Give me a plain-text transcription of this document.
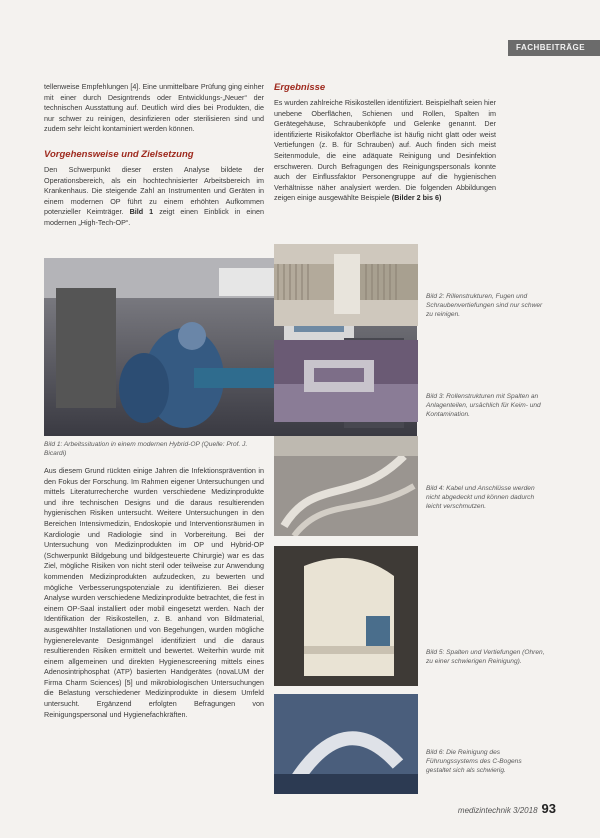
FACHBEITRÄGE

tellenweise Empfehlungen [4]. Eine unmittelbare Prüfung ging einher mit einer durch Designtrends oder Entwicklungs-„Neuer“ der technischen Ausstattung auf. Deutlich wird dies bei Produkten, die nur schwer zu reinigen, desinfizieren oder sterilisieren sind und zudem sehr leicht kontaminiert werden können.

Vorgehensweise und Zielsetzung

Den Schwerpunkt dieser ersten Analyse bildete der Operationsbereich, als ein hochtechnisierter Arbeitsbereich im Krankenhaus. Die steigende Zahl an Instrumenten und Geräten in einem modernen OP führt zu einem erhöhten Aufkommen potenzieller Keimträger. Bild 1 zeigt einen Einblick in einen modernen „High-Tech-OP“.

Bild 1: Arbeitssituation in einem modernen Hybrid-OP (Quelle: Prof. J. Bicardi)

Aus diesem Grund rückten einige Jahren die Infektionsprävention in den Fokus der Forschung. Im Rahmen eigener Untersuchungen und mittels Literaturrecherche wurden verschiedene Medizinprodukte und ihre technischen Designs und die daraus resultierenden hygienischen Risiken untersucht. Weitere Untersuchungen in den Bereichen Intensivmedizin, Endoskopie und Interventionsräumen in Kardiologie und Radiologie sind in Vorbereitung. Bei der Untersuchung von Medizinprodukten im OP und Hybrid-OP (Schwerpunkt Bildgebung und bildgesteuerte Chirurgie) war es das Ziel, mögliche Risiken von nicht steril oder teilweise zur Anwendung kommenden Medizinprodukten aufzudecken, zu bewerten und mögliche Verbesserungspotenziale zu identifizieren. Bei dieser Analyse wurden verschiedene Medizinprodukte betrachtet, die fest in einem OP-Saal installiert oder mobil eingesetzt werden. Nach der Identifikation der Risikostellen, z. B. anhand von Bildmaterial, ausgewählter Installationen und von Begehungen, wurden mögliche hygienerelevante Designmängel identifiziert und die daraus resultierenden Risiken ermittelt und bewertet. Weiterhin wurde mit einem allgemeinen und direkten Hygienescreening mittels eines Adenosintriphosphat (ATP) basierten Handgerätes (novaLUM der Firma Charm Sciences) [5] und mikrobiologischen Untersuchungen die Belastung verschiedener Medizinprodukte in diesem Umfeld untersucht. Ergänzend erfolgten Befragungen von Reinigungspersonal und Hygienefachkräften.

Ergebnisse

Es wurden zahlreiche Risikostellen identifiziert. Beispielhaft seien hier unebene Oberflächen, Schienen und Rollen, Spalten im Gerätegehäuse, Schraubenköpfe und Gelenke genannt. Der identifizierte Risikofaktor Oberfläche ist häufig nicht glatt oder weist Vertiefungen (z. B. für Schrauben) auf. Auch finden sich meist Seitenmodule, die eine adäquate Reinigung und Desinfektion erschweren. Durch Befragungen des Reinigungspersonals konnte auch der Einflussfaktor Personengruppe auf die hygienischen Verhältnisse näher analysiert werden. Die folgenden Abbildungen zeigen einige ausgewählte Beispiele (Bilder 2 bis 6)

Bild 2: Rillenstrukturen, Fugen und Schraubenvertiefungen sind nur schwer zu reinigen.
Bild 3: Rollenstrukturen mit Spalten an Anlagenteilen, ursächlich für Keim- und Kontamination.
Bild 4: Kabel und Anschlüsse werden nicht abgedeckt und können dadurch leicht verschmutzen.
Bild 5: Spalten und Vertiefungen (Ohren, zu einer schwierigen Reinigung).
Bild 6: Die Reinigung des Führungssystems des C-Bogens gestaltet sich als schwierig.
medizintechnik 3/2018 93
